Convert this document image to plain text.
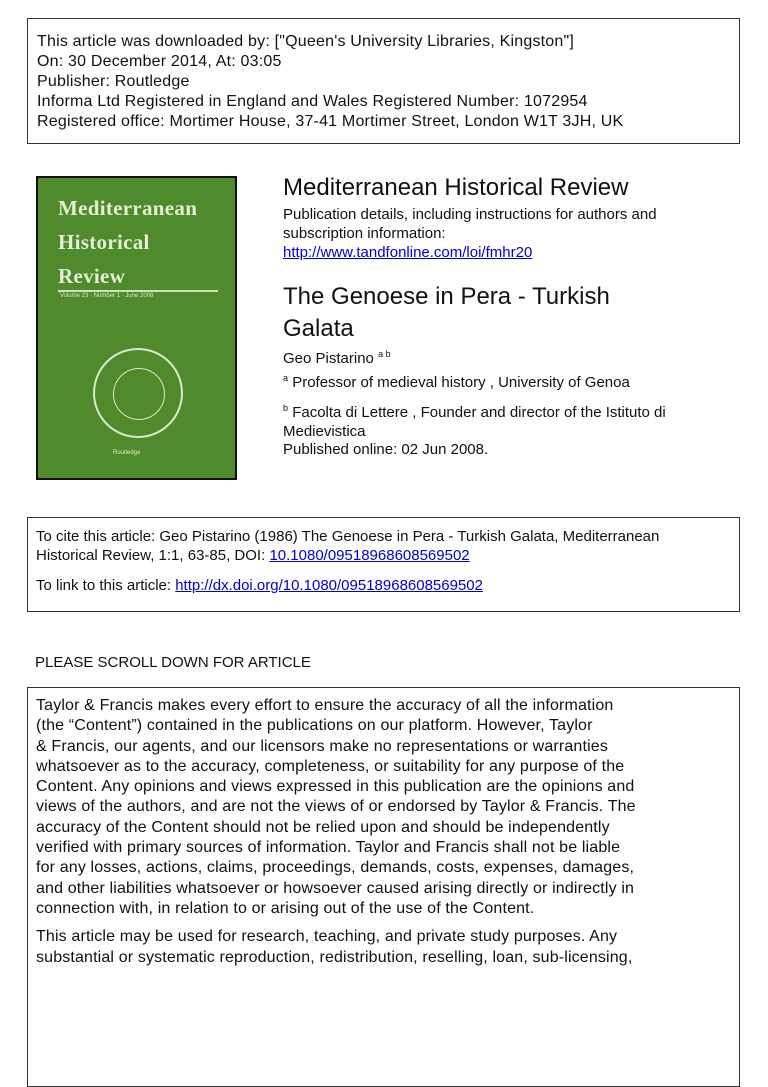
This article was downloaded by: ["Queen's University Libraries, Kingston"]
On: 30 December 2014, At: 03:05
Publisher: Routledge
Informa Ltd Registered in England and Wales Registered Number: 1072954
Registered office: Mortimer House, 37-41 Mortimer Street, London W1T 3JH, UK
Mediterranean
Historical
Review
Volume 23 · Number 1 · June 2008
Routledge
Mediterranean Historical Review
Publication details, including instructions for authors and
subscription information:
http://www.tandfonline.com/loi/fmhr20
The Genoese in Pera - Turkish
Galata
Geo Pistarino $^{a b}$
$^a$ Professor of medieval history , University of Genoa
$^b$ Facolta di Lettere , Founder and director of the Istituto di
Medievistica
Published online: 02 Jun 2008.
To cite this article: Geo Pistarino (1986) The Genoese in Pera - Turkish Galata, Mediterranean
Historical Review, 1:1, 63-85, DOI: 10.1080/09518968608569502
To link to this article: http://dx.doi.org/10.1080/09518968608569502
PLEASE SCROLL DOWN FOR ARTICLE

Taylor & Francis makes every effort to ensure the accuracy of all the information
(the “Content”) contained in the publications on our platform. However, Taylor
& Francis, our agents, and our licensors make no representations or warranties
whatsoever as to the accuracy, completeness, or suitability for any purpose of the
Content. Any opinions and views expressed in this publication are the opinions and
views of the authors, and are not the views of or endorsed by Taylor & Francis. The
accuracy of the Content should not be relied upon and should be independently
verified with primary sources of information. Taylor and Francis shall not be liable
for any losses, actions, claims, proceedings, demands, costs, expenses, damages,
and other liabilities whatsoever or howsoever caused arising directly or indirectly in
connection with, in relation to or arising out of the use of the Content.

This article may be used for research, teaching, and private study purposes. Any
substantial or systematic reproduction, redistribution, reselling, loan, sub-licensing,
